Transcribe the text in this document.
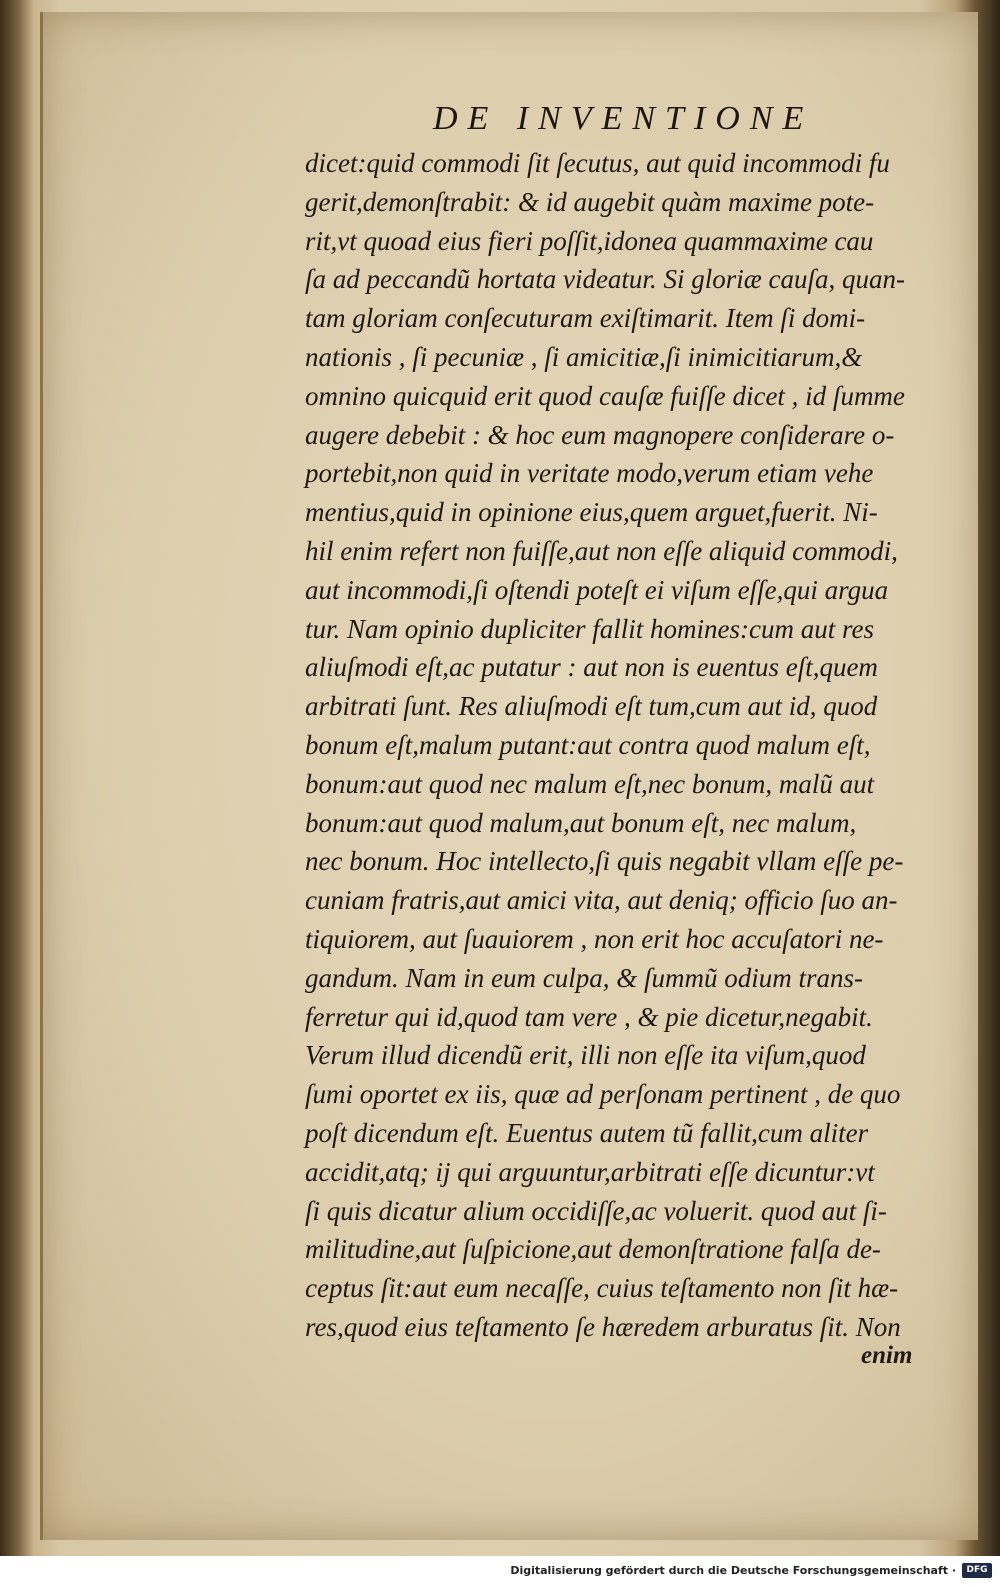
DE INVENTIONE
dicet:quid commodi ſit ſecutus, aut quid incommodi fu
gerit,demonſtrabit: & id augebit quàm maxime pote-
rit,vt quoad eius fieri poſſit,idonea quammaxime cau
ſa ad peccandũ hortata videatur. Si gloriæ cauſa, quan-
tam gloriam conſecuturam exiſtimarit. Item ſi domi-
nationis , ſi pecuniæ , ſi amicitiæ,ſi inimicitiarum,&
omnino quicquid erit quod cauſæ fuiſſe dicet , id ſumme
augere debebit : & hoc eum magnopere conſiderare o-
portebit,non quid in veritate modo,verum etiam vehe
mentius,quid in opinione eius,quem arguet,fuerit. Ni-
hil enim refert non fuiſſe,aut non eſſe aliquid commodi,
aut incommodi,ſi oſtendi poteſt ei viſum eſſe,qui argua
tur. Nam opinio dupliciter fallit homines:cum aut res
aliuſmodi eſt,ac putatur : aut non is euentus eſt,quem
arbitrati ſunt. Res aliuſmodi eſt tum,cum aut id, quod
bonum eſt,malum putant:aut contra quod malum eſt,
bonum:aut quod nec malum eſt,nec bonum, malũ aut
bonum:aut quod malum,aut bonum eſt, nec malum,
nec bonum. Hoc intellecto,ſi quis negabit vllam eſſe pe-
cuniam fratris,aut amici vita, aut deniq; officio ſuo an-
tiquiorem, aut ſuauiorem , non erit hoc accuſatori ne-
gandum. Nam in eum culpa, & ſummũ odium trans-
ferretur qui id,quod tam vere , & pie dicetur,negabit.
Verum illud dicendũ erit, illi non eſſe ita viſum,quod
ſumi oportet ex iis, quæ ad perſonam pertinent , de quo
poſt dicendum eſt. Euentus autem tũ fallit,cum aliter
accidit,atq; ij qui arguuntur,arbitrati eſſe dicuntur:vt
ſi quis dicatur alium occidiſſe,ac voluerit. quod aut ſi-
militudine,aut ſuſpicione,aut demonſtratione falſa de-
ceptus ſit:aut eum necaſſe, cuius teſtamento non ſit hæ-
res,quod eius teſtamento ſe hæredem arburatus ſit. Non
enim
Digitalisierung gefördert durch die Deutsche Forschungsgemeinschaft ·	DFG
